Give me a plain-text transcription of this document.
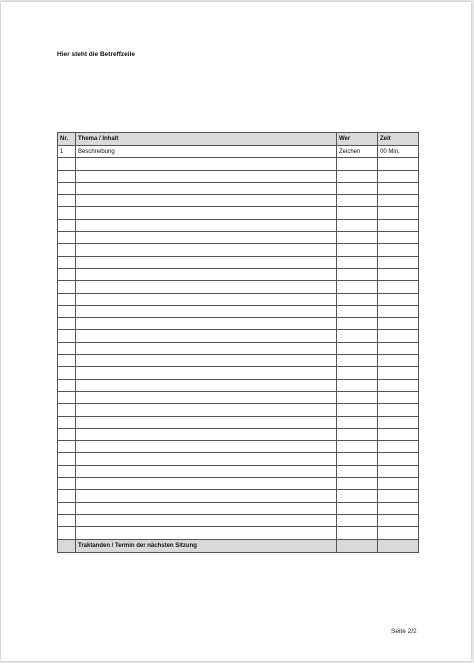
Hier steht die Betreffzeile
Nr.	Thema / Inhalt	Wer	Zeit
1	Beschreibung	Zeichen	00 Min.

	Traktanden / Termin der nächsten Sitzung		
Seite 2/2
